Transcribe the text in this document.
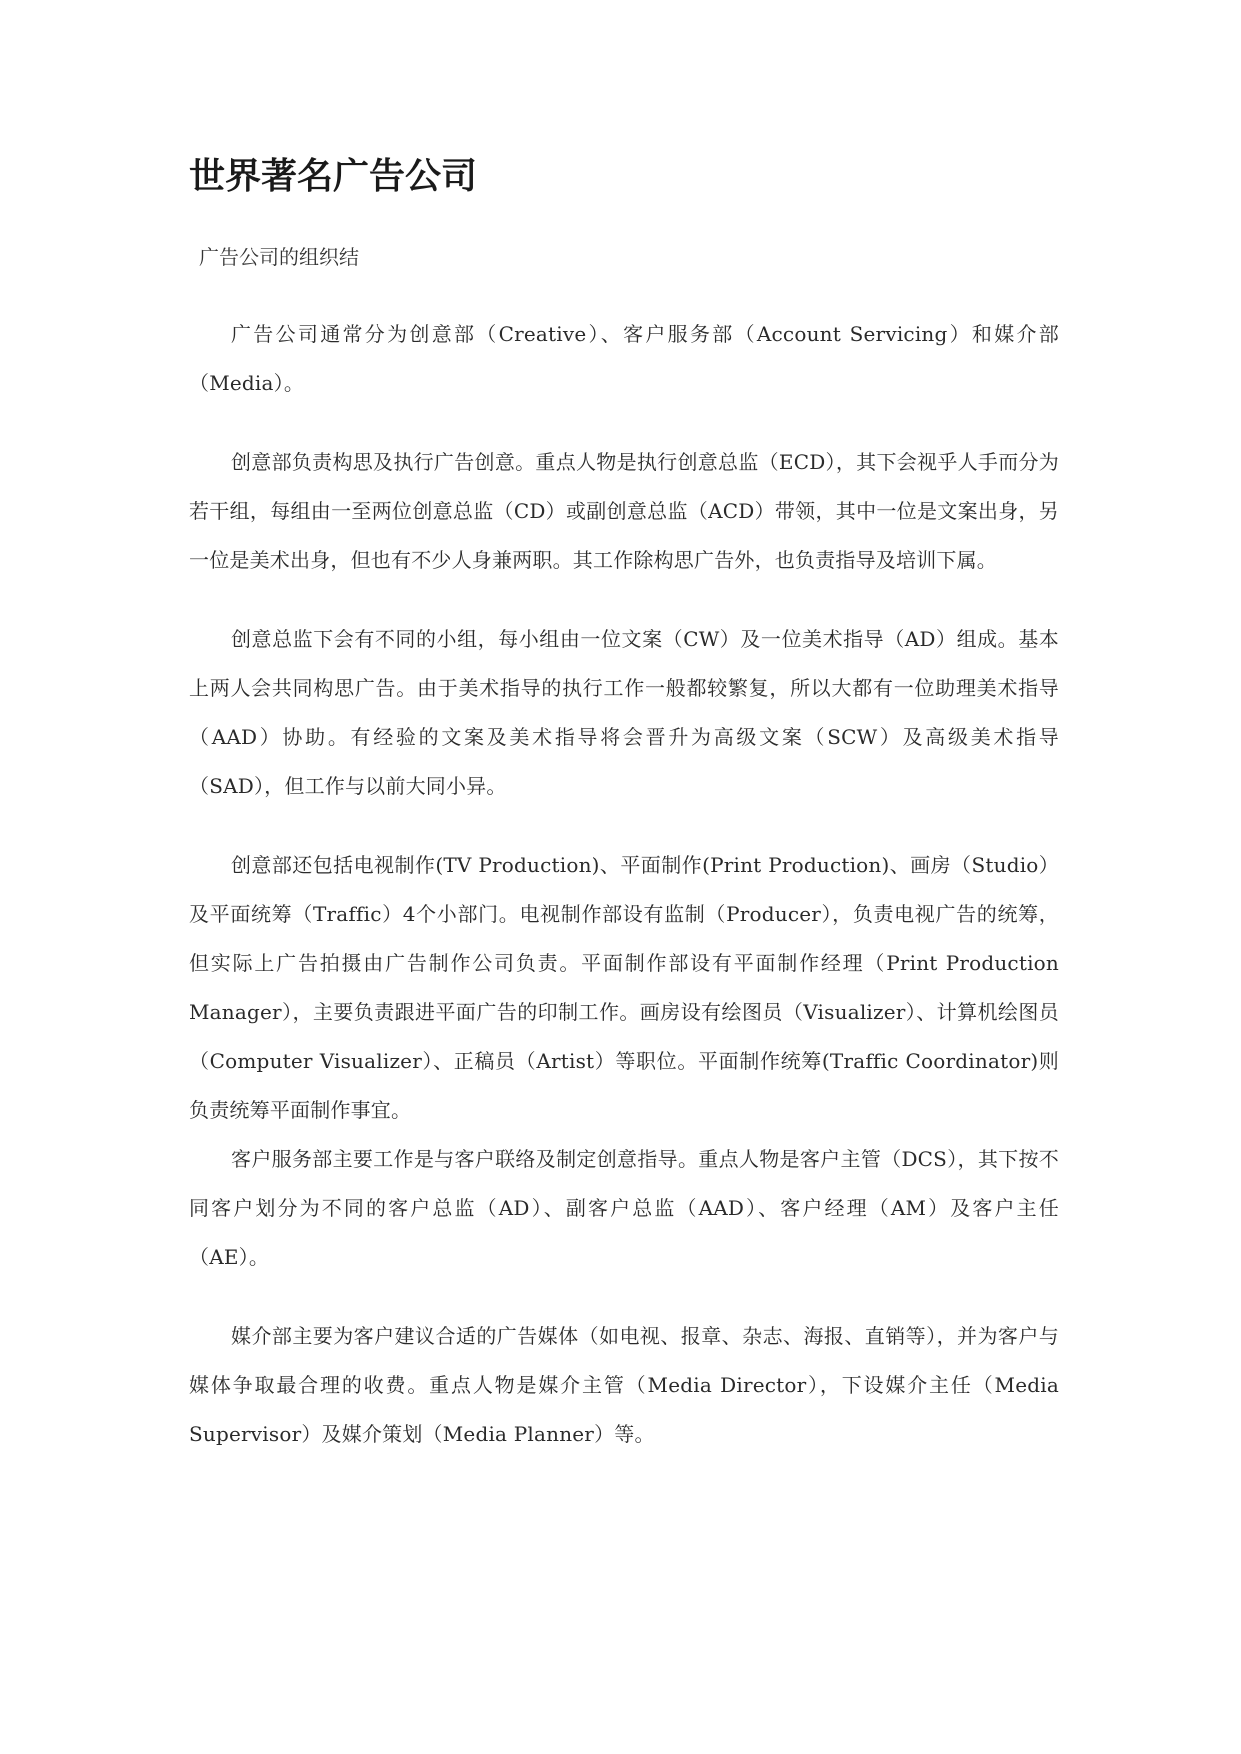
世界著名广告公司
广告公司的组织结

广告公司通常分为创意部（Creative）、客户服务部（Account Servicing）和媒介部（Media）。

创意部负责构思及执行广告创意。重点人物是执行创意总监（ECD），其下会视乎人手而分为若干组，每组由一至两位创意总监（CD）或副创意总监（ACD）带领，其中一位是文案出身，另一位是美术出身，但也有不少人身兼两职。其工作除构思广告外，也负责指导及培训下属。

创意总监下会有不同的小组，每小组由一位文案（CW）及一位美术指导（AD）组成。基本上两人会共同构思广告。由于美术指导的执行工作一般都较繁复，所以大都有一位助理美术指导（AAD）协助。有经验的文案及美术指导将会晋升为高级文案（SCW）及高级美术指导（SAD），但工作与以前大同小异。

创意部还包括电视制作(TV Production)、平面制作(Print Production)、画房（Studio）及平面统筹（Traffic）4个小部门。电视制作部设有监制（Producer），负责电视广告的统筹，但实际上广告拍摄由广告制作公司负责。平面制作部设有平面制作经理（Print Production Manager），主要负责跟进平面广告的印制工作。画房设有绘图员（Visualizer）、计算机绘图员（Computer Visualizer）、正稿员（Artist）等职位。平面制作统筹(Traffic Coordinator)则负责统筹平面制作事宜。

客户服务部主要工作是与客户联络及制定创意指导。重点人物是客户主管（DCS），其下按不同客户划分为不同的客户总监（AD）、副客户总监（AAD）、客户经理（AM）及客户主任（AE）。

媒介部主要为客户建议合适的广告媒体（如电视、报章、杂志、海报、直销等），并为客户与媒体争取最合理的收费。重点人物是媒介主管（Media Director），下设媒介主任（Media Supervisor）及媒介策划（Media Planner）等。
